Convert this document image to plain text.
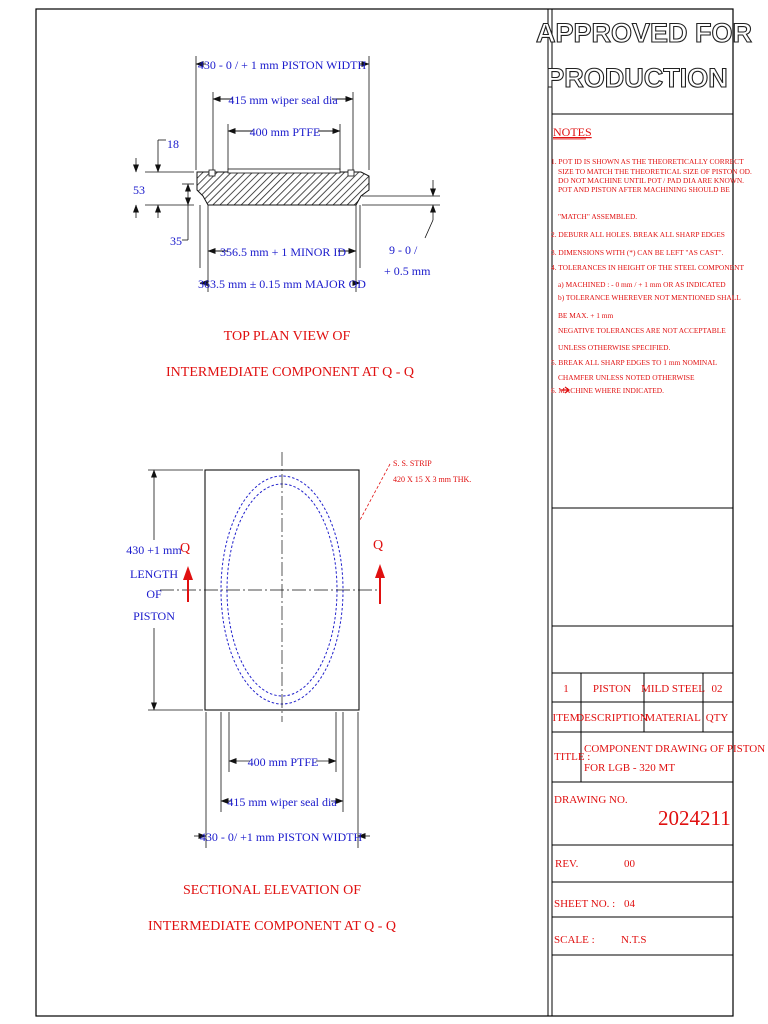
APPROVED FOR
PRODUCTION
NOTES
1. POT ID IS SHOWN AS THE THEORETICALLY CORRECT
SIZE TO MATCH THE THEORETICAL SIZE OF PISTON OD.
DO NOT MACHINE UNTIL POT / PAD DIA ARE KNOWN.
POT AND PISTON AFTER MACHINING SHOULD BE
"MATCH" ASSEMBLED.
2. DEBURR ALL HOLES. BREAK ALL SHARP EDGES
3. DIMENSIONS WITH (*) CAN BE LEFT "AS CAST".
4. TOLERANCES IN HEIGHT OF THE STEEL COMPONENT
a) MACHINED : - 0 mm / + 1 mm OR AS INDICATED
b) TOLERANCE WHEREVER NOT MENTIONED SHALL
BE MAX. + 1 mm
NEGATIVE TOLERANCES ARE NOT ACCEPTABLE
UNLESS OTHERWISE SPECIFIED.
5. BREAK ALL SHARP EDGES TO 1 mm NOMINAL
CHAMFER UNLESS NOTED OTHERWISE
6. MACHINE WHERE INDICATED.
1 PISTON MILD STEEL 02
ITEM
DESCRIPTION
MATERIAL QTY
TITLE :
COMPONENT DRAWING OF PISTON
FOR LGB - 320 MT
DRAWING NO.
2024211
REV.	00
SHEET NO. : 04
SCALE : N.T.S
430 - 0 / + 1 mm PISTON WIDTH
415 mm wiper seal dia
400 mm PTFE
18
53
35
356.5 mm + 1 MINOR ID
363.5 mm ± 0.15 mm MAJOR OD
9 - 0 /
+ 0.5 mm
TOP PLAN VIEW OF
INTERMEDIATE COMPONENT AT Q - Q
Q	Q
S. S. STRIP
420 X 15 X 3 mm THK.
430 +1 mm
LENGTH
OF
PISTON
400 mm PTFE
415 mm wiper seal dia
430 - 0/ +1 mm PISTON WIDTH
SECTIONAL ELEVATION OF
INTERMEDIATE COMPONENT AT Q - Q
